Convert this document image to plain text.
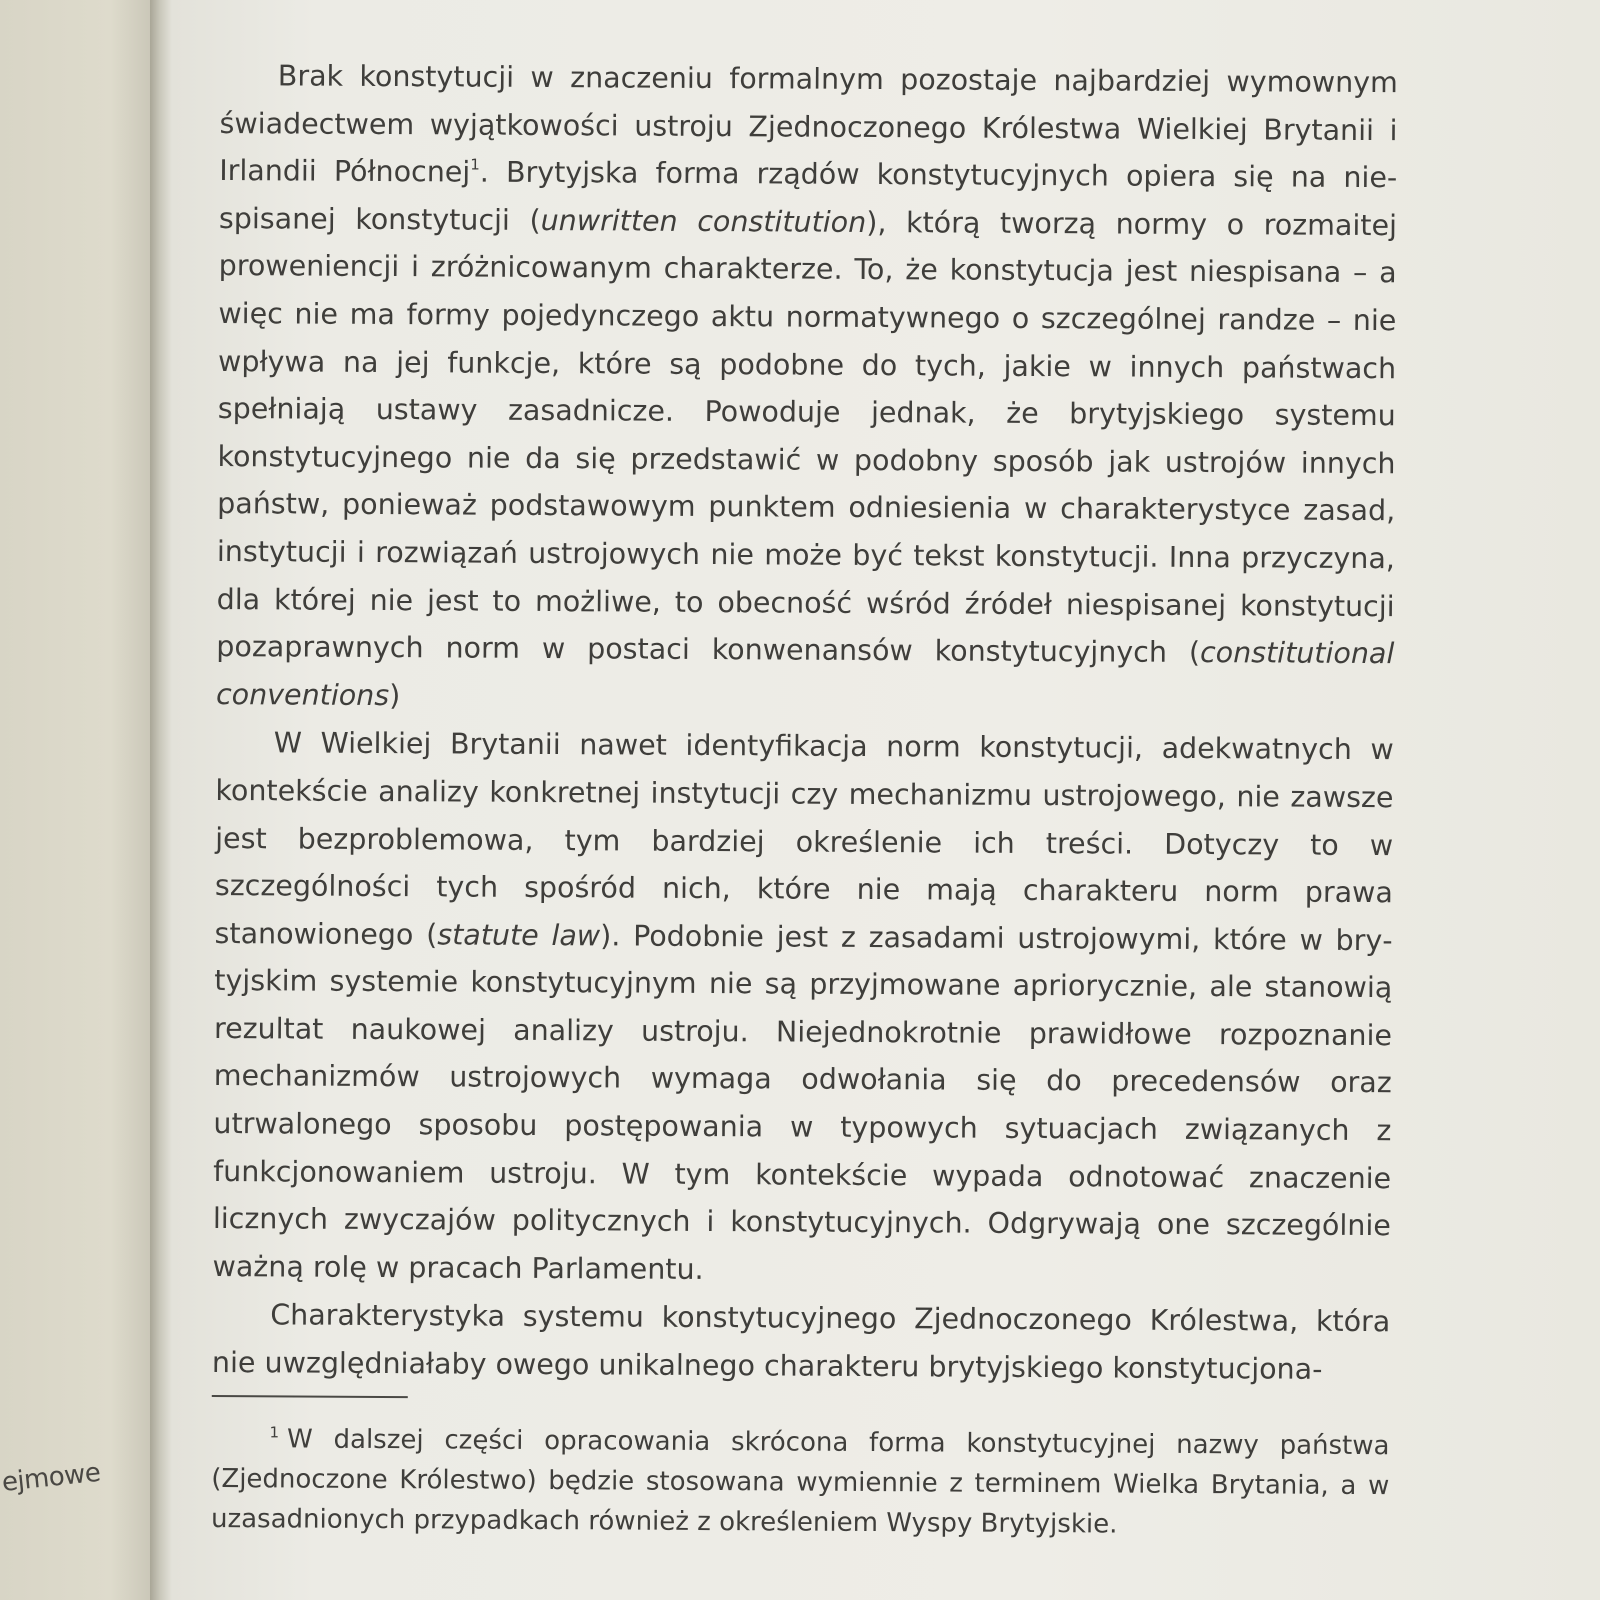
ejmowe

Brak konstytucji w znaczeniu formalnym pozostaje najbardziej wymownym świadectwem wyjątkowości ustroju Zjednoczonego Królestwa Wielkiej Brytanii i Irlandii Północnej$^1$. Brytyjska forma rządów konstytucyjnych opiera się na niespisanej konstytucji (unwritten constitution), którą tworzą normy o rozmaitej proweniencji i zróżnicowanym charakterze. To, że konstytucja jest niespisana – a więc nie ma formy pojedynczego aktu normatywnego o szczególnej randze – nie wpływa na jej funkcje, które są podobne do tych, jakie w innych państwach spełniają ustawy zasadnicze. Powoduje jednak, że brytyjskiego systemu konstytucyjnego nie da się przedstawić w podobny sposób jak ustrojów innych państw, ponieważ podstawowym punktem odniesienia w charakterystyce zasad, instytucji i rozwiązań ustrojowych nie może być tekst konstytucji. Inna przyczyna, dla której nie jest to możliwe, to obecność wśród źródeł niespisanej konstytucji pozaprawnych norm w postaci konwenansów konstytucyjnych (constitutional conventions)

W Wielkiej Brytanii nawet identyfikacja norm konstytucji, adekwatnych w kontekście analizy konkretnej instytucji czy mechanizmu ustrojowego, nie zawsze jest bezproblemowa, tym bardziej określenie ich treści. Dotyczy to w szczególności tych spośród nich, które nie mają charakteru norm prawa stanowionego (statute law). Podobnie jest z zasadami ustrojowymi, które w brytyjskim systemie konstytucyjnym nie są przyjmowane apriorycznie, ale stanowią rezultat naukowej analizy ustroju. Niejednokrotnie prawidłowe rozpoznanie mechanizmów ustrojowych wymaga odwołania się do precedensów oraz utrwalonego sposobu postępowania w typowych sytuacjach związanych z funkcjonowaniem ustroju. W tym kontekście wypada odnotować znaczenie licznych zwyczajów politycznych i konstytucyjnych. Odgrywają one szczególnie ważną rolę w pracach Parlamentu.

Charakterystyka systemu konstytucyjnego Zjednoczonego Królestwa, która nie uwzględniałaby owego unikalnego charakteru brytyjskiego konstytucjona-

$^1$ W dalszej części opracowania skrócona forma konstytucyjnej nazwy państwa (Zjednoczone Królestwo) będzie stosowana wymiennie z terminem Wielka Brytania, a w uzasadnionych przypadkach również z określeniem Wyspy Brytyjskie.
